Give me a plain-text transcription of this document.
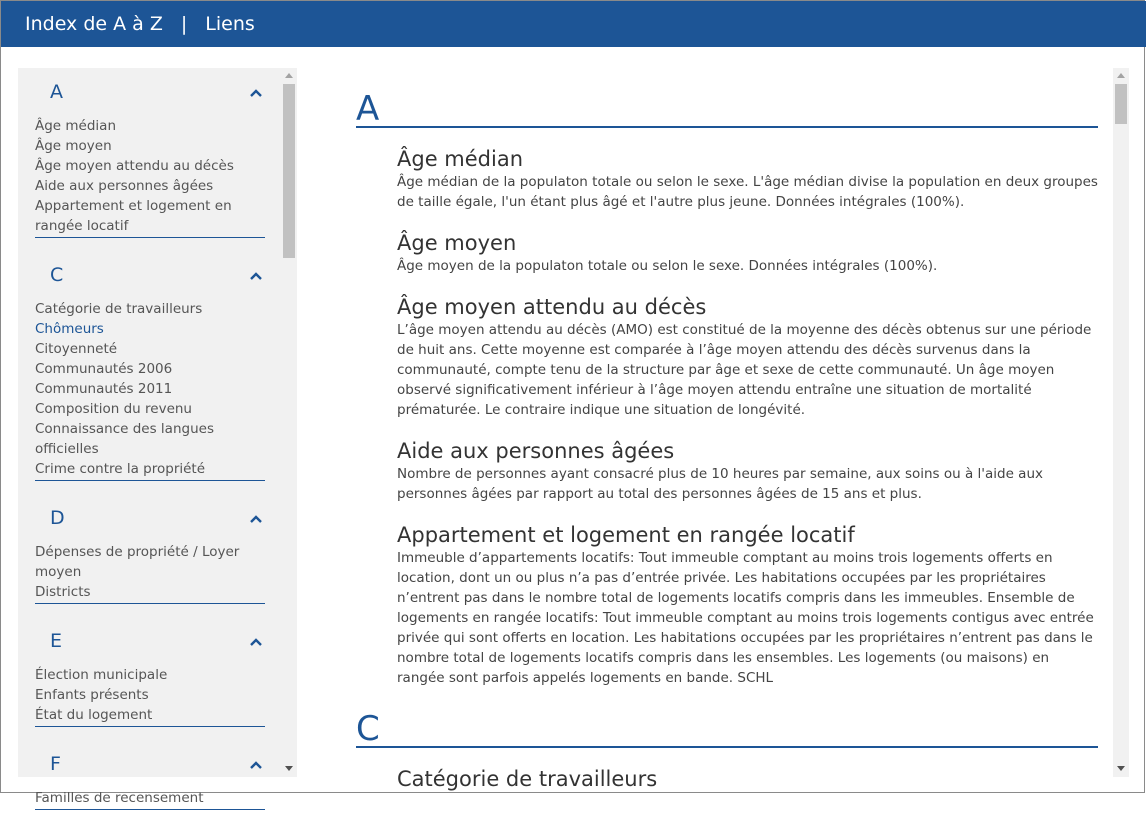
Index de A à Z | Liens
A
Âge médian
Âge moyen
Âge moyen attendu au décès
Aide aux personnes âgées
Appartement et logement en rangée locatif
C
Catégorie de travailleurs
Chômeurs
Citoyenneté
Communautés 2006
Communautés 2011
Composition du revenu
Connaissance des langues officielles
Crime contre la propriété
D
Dépenses de propriété / Loyer moyen
Districts
E
Élection municipale
Enfants présents
État du logement
F
Familles de recensement
A
Âge médian
Âge médian de la populaton totale ou selon le sexe. L'âge médian divise la population en deux groupes de taille égale, l'un étant plus âgé et l'autre plus jeune. Données intégrales (100%).
Âge moyen
Âge moyen de la populaton totale ou selon le sexe. Données intégrales (100%).
Âge moyen attendu au décès
L’âge moyen attendu au décès (AMO) est constitué de la moyenne des décès obtenus sur une période de huit ans. Cette moyenne est comparée à l’âge moyen attendu des décès survenus dans la communauté, compte tenu de la structure par âge et sexe de cette communauté. Un âge moyen observé significativement inférieur à l’âge moyen attendu entraîne une situation de mortalité prématurée. Le contraire indique une situation de longévité.
Aide aux personnes âgées
Nombre de personnes ayant consacré plus de 10 heures par semaine, aux soins ou à l'aide aux personnes âgées par rapport au total des personnes âgées de 15 ans et plus.
Appartement et logement en rangée locatif
Immeuble d’appartements locatifs: Tout immeuble comptant au moins trois logements offerts en location, dont un ou plus n’a pas d’entrée privée. Les habitations occupées par les propriétaires n’entrent pas dans le nombre total de logements locatifs compris dans les immeubles. Ensemble de logements en rangée locatifs: Tout immeuble comptant au moins trois logements contigus avec entrée privée qui sont offerts en location. Les habitations occupées par les propriétaires n’entrent pas dans le nombre total de logements locatifs compris dans les ensembles. Les logements (ou maisons) en rangée sont parfois appelés logements en bande. SCHL
C
Catégorie de travailleurs
